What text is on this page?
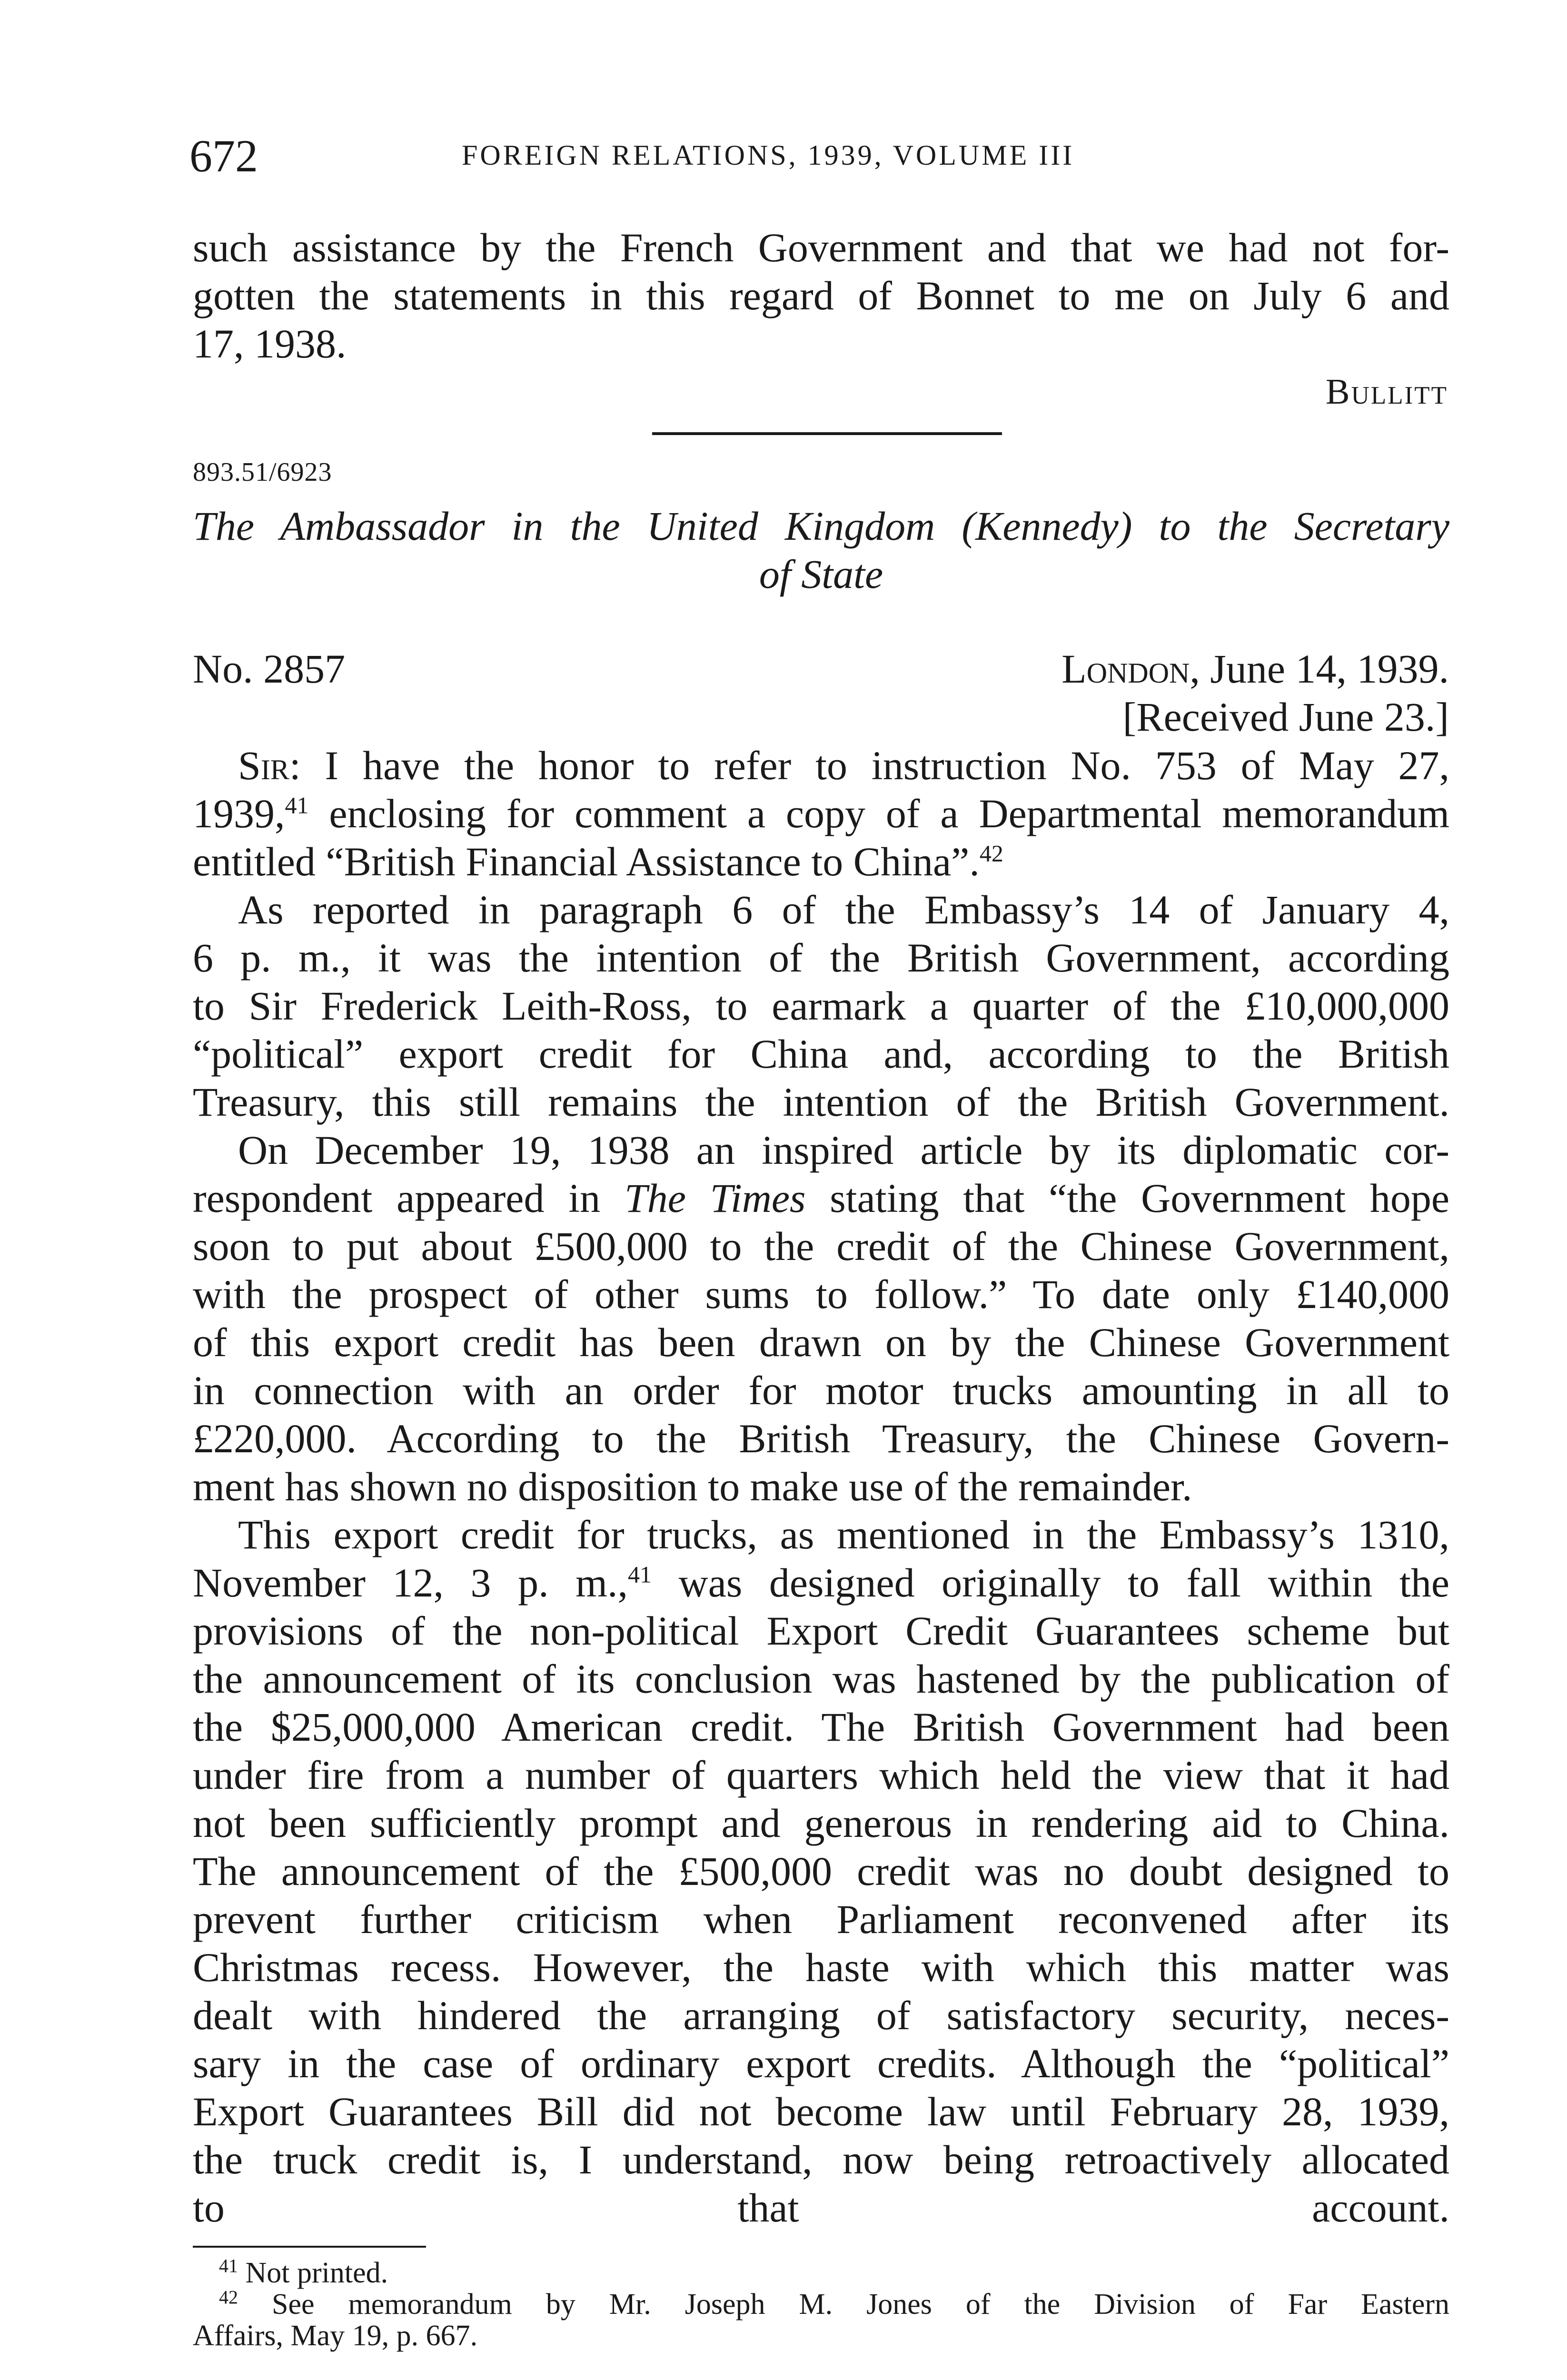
672	FOREIGN RELATIONS, 1939, VOLUME III
such assistance by the French Government and that we had not for-
gotten the statements in this regard of Bonnet to me on July 6 and
17, 1938.
Bullitt
893.51/6923
The Ambassador in the United Kingdom (Kennedy) to the Secretary
of State
No. 2857	London, June 14, 1939.
[Received June 23.]
Sir: I have the honor to refer to instruction No. 753 of May 27,
1939,41 enclosing for comment a copy of a Departmental memorandum
entitled “British Financial Assistance to China”.$^{42}$
As reported in paragraph 6 of the Embassy’s 14 of January 4,
6 p. m., it was the intention of the British Government, according
to Sir Frederick Leith-Ross, to earmark a quarter of the £10,000,000
“political” export credit for China and, according to the British
Treasury, this still remains the intention of the British Government.
On December 19, 1938 an inspired article by its diplomatic cor-
respondent appeared in The Times stating that “the Government hope
soon to put about £500,000 to the credit of the Chinese Government,
with the prospect of other sums to follow.” To date only £140,000
of this export credit has been drawn on by the Chinese Government
in connection with an order for motor trucks amounting in all to
£220,000. According to the British Treasury, the Chinese Govern-
ment has shown no disposition to make use of the remainder.
This export credit for trucks, as mentioned in the Embassy’s 1310,
November 12, 3 p. m.,$^{41}$ was designed originally to fall within the
provisions of the non-political Export Credit Guarantees scheme but
the announcement of its conclusion was hastened by the publication of
the $25,000,000 American credit. The British Government had been
under fire from a number of quarters which held the view that it had
not been sufficiently prompt and generous in rendering aid to China.
The announcement of the £500,000 credit was no doubt designed to
prevent further criticism when Parliament reconvened after its
Christmas recess. However, the haste with which this matter was
dealt with hindered the arranging of satisfactory security, neces-
sary in the case of ordinary export credits. Although the “political”
Export Guarantees Bill did not become law until February 28, 1939,
the truck credit is, I understand, now being retroactively allocated
to that account.
$^{41}$ Not printed.
$^{42}$ See memorandum by Mr. Joseph M. Jones of the Division of Far Eastern
Affairs, May 19, p. 667.
